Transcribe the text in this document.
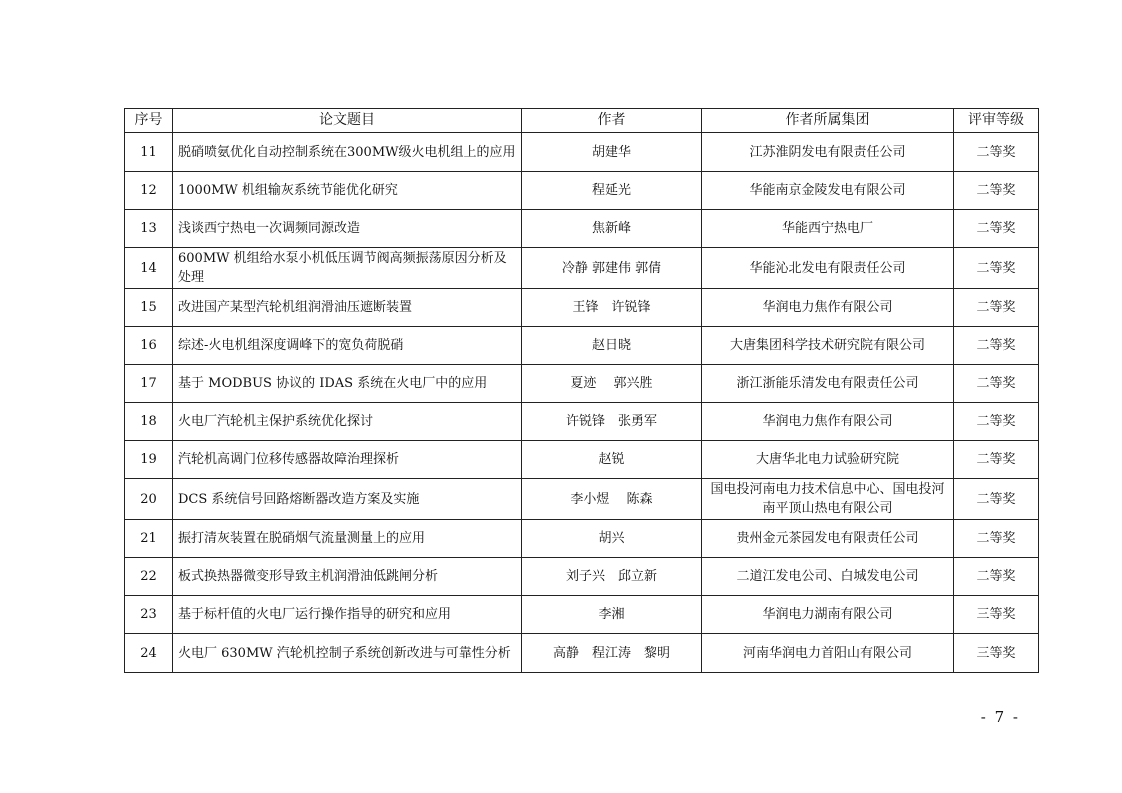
序号	论文题目	作者	作者所属集团	评审等级
11	脱硝喷氨优化自动控制系统在300MW级火电机组上的应用	胡建华	江苏淮阴发电有限责任公司	二等奖
12	1000MW 机组输灰系统节能优化研究	程延光	华能南京金陵发电有限公司	二等奖
13	浅谈西宁热电一次调频同源改造	焦新峰	华能西宁热电厂	二等奖
14	600MW 机组给水泵小机低压调节阀高频振荡原因分析及处理	冷静 郭建伟 郭倩	华能沁北发电有限责任公司	二等奖
15	改进国产某型汽轮机组润滑油压遮断装置	王锋　许锐锋	华润电力焦作有限公司	二等奖
16	综述-火电机组深度调峰下的宽负荷脱硝	赵日晓	大唐集团科学技术研究院有限公司	二等奖
17	基于 MODBUS 协议的 IDAS 系统在火电厂中的应用	夏迹　 郭兴胜	浙江浙能乐清发电有限责任公司	二等奖
18	火电厂汽轮机主保护系统优化探讨	许锐锋　张勇军	华润电力焦作有限公司	二等奖
19	汽轮机高调门位移传感器故障治理探析	赵锐	大唐华北电力试验研究院	二等奖
20	DCS 系统信号回路熔断器改造方案及实施	李小煜　 陈森	国电投河南电力技术信息中心、国电投河南平顶山热电有限公司	二等奖
21	振打清灰装置在脱硝烟气流量测量上的应用	胡兴	贵州金元茶园发电有限责任公司	二等奖
22	板式换热器微变形导致主机润滑油低跳闸分析	刘子兴　邱立新	二道江发电公司、白城发电公司	二等奖
23	基于标杆值的火电厂运行操作指导的研究和应用	李湘	华润电力湖南有限公司	三等奖
24	火电厂 630MW 汽轮机控制子系统创新改进与可靠性分析	高静　程江涛　黎明	河南华润电力首阳山有限公司	三等奖
- 7 -
